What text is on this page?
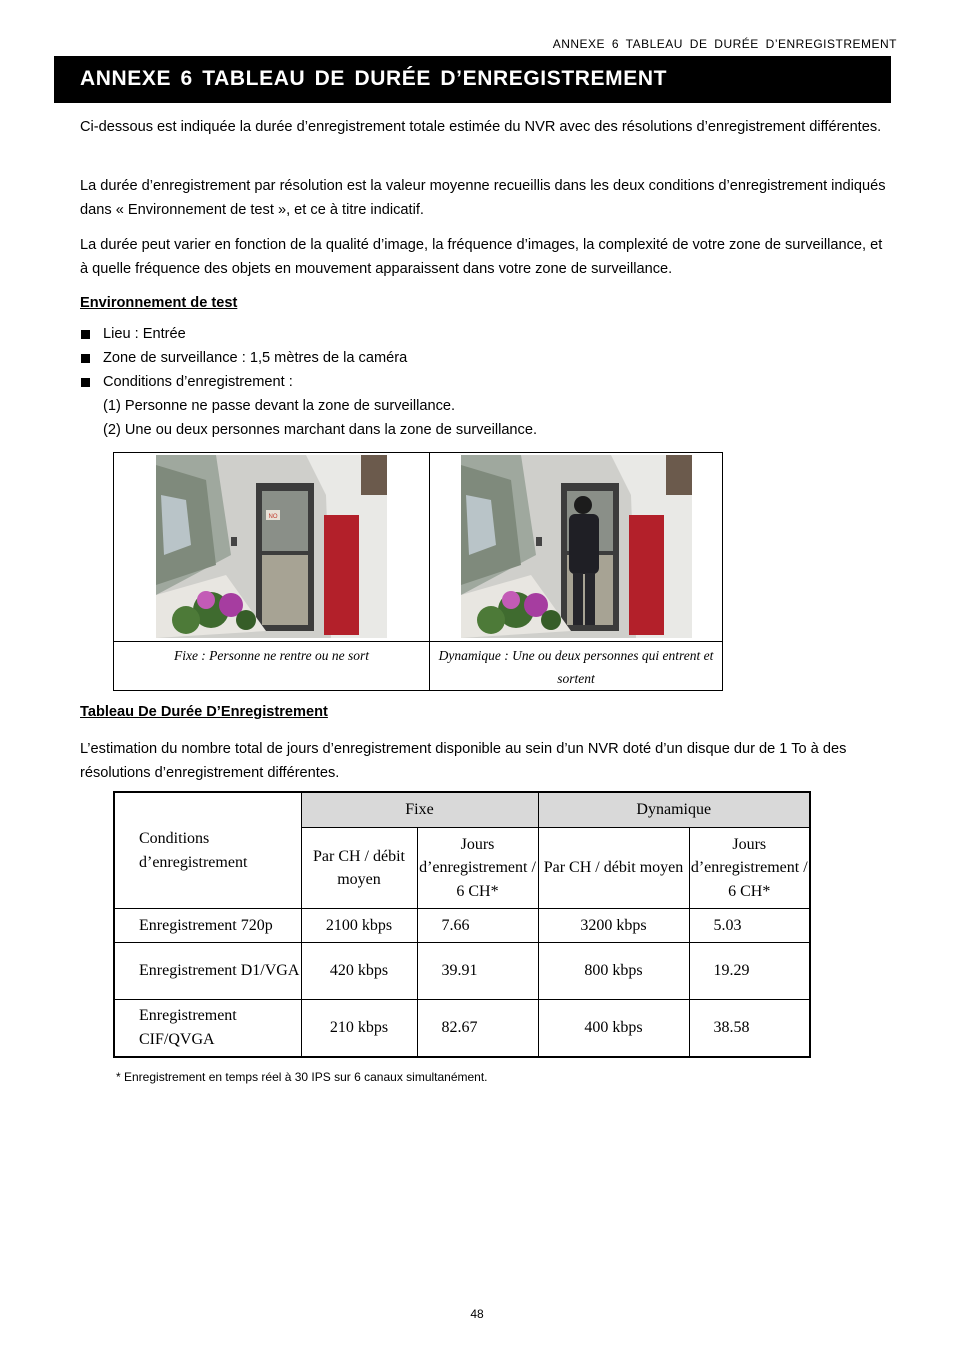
ANNEXE 6 TABLEAU DE DURÉE D’ENREGISTREMENT
ANNEXE 6 TABLEAU DE DURÉE D’ENREGISTREMENT

Ci-dessous est indiquée la durée d’enregistrement totale estimée du NVR avec des résolutions d’enregistrement différentes.

La durée d’enregistrement par résolution est la valeur moyenne recueillis dans les deux conditions d’enregistrement indiqués dans « Environnement de test », et ce à titre indicatif.

La durée peut varier en fonction de la qualité d’image, la fréquence d’images, la complexité de votre zone de surveillance, et à quelle fréquence des objets en mouvement apparaissent dans votre zone de surveillance.

Environnement de test
Lieu : Entrée
Zone de surveillance : 1,5 mètres de la caméra
Conditions d’enregistrement :
(1) Personne ne passe devant la zone de surveillance.
(2) Une ou deux personnes marchant dans la zone de surveillance.
NO

Fixe : Personne ne rentre ou ne sort	Dynamique : Une ou deux personnes qui entrent et sortent
Tableau De Durée D’Enregistrement

L’estimation du nombre total de jours d’enregistrement disponible au sein d’un NVR doté d’un disque dur de 1 To à des résolutions d’enregistrement différentes.

Conditions d’enregistrement	Fixe		Dynamique	
	Par CH / débit moyen	Jours d’enregistrement / 6 CH*	Par CH / débit moyen	Jours d’enregistrement / 6 CH*
Enregistrement 720p	2100 kbps	7.66	3200 kbps	5.03
Enregistrement D1/VGA	420 kbps	39.91	800 kbps	19.29
Enregistrement CIF/QVGA	210 kbps	82.67	400 kbps	38.58
* Enregistrement en temps réel à 30 IPS sur 6 canaux simultanément.
48
